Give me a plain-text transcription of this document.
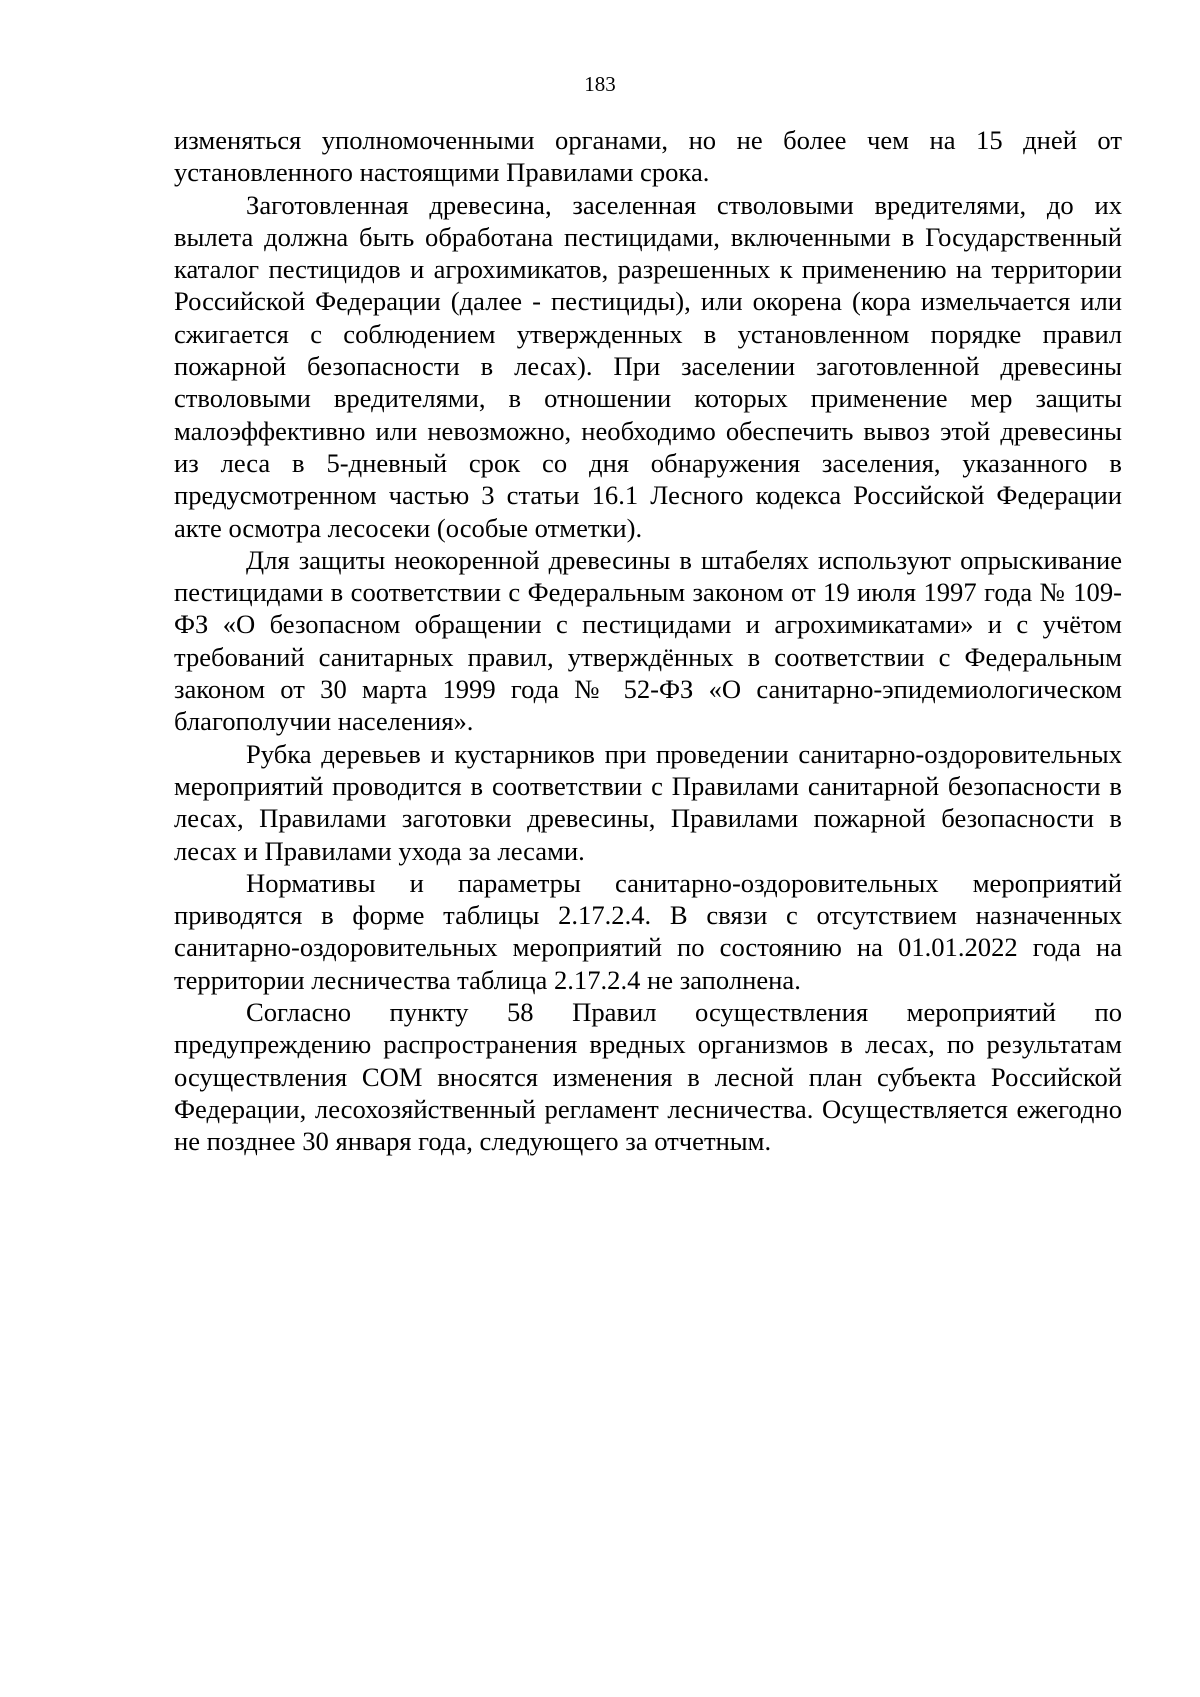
183

изменяться уполномоченными органами, но не более чем на 15 дней от установленного настоящими Правилами срока.

Заготовленная древесина, заселенная стволовыми вредителями, до их вылета должна быть обработана пестицидами, включенными в Государственный каталог пестицидов и агрохимикатов, разрешенных к применению на территории Российской Федерации (далее - пестициды), или окорена (кора измельчается или сжигается с соблюдением утвержденных в установленном порядке правил пожарной безопасности в лесах). При заселении заготовленной древесины стволовыми вредителями, в отношении которых применение мер защиты малоэффективно или невозможно, необходимо обеспечить вывоз этой древесины из леса в 5-дневный срок со дня обнаружения заселения, указанного в предусмотренном частью 3 статьи 16.1 Лесного кодекса Российской Федерации акте осмотра лесосеки (особые отметки).

Для защиты неокоренной древесины в штабелях используют опрыскивание пестицидами в соответствии с Федеральным законом от 19 июля 1997 года № 109-ФЗ «О безопасном обращении с пестицидами и агрохимикатами» и с учётом требований санитарных правил, утверждённых в соответствии с Федеральным законом от 30 марта 1999 года № 52-ФЗ «О санитарно-эпидемиологическом благополучии населения».

Рубка деревьев и кустарников при проведении санитарно-оздоровительных мероприятий проводится в соответствии с Правилами санитарной безопасности в лесах, Правилами заготовки древесины, Правилами пожарной безопасности в лесах и Правилами ухода за лесами.

Нормативы и параметры санитарно-оздоровительных мероприятий приводятся в форме таблицы 2.17.2.4. В связи с отсутствием назначенных санитарно-оздоровительных мероприятий по состоянию на 01.01.2022 года на территории лесничества таблица 2.17.2.4 не заполнена.

Согласно пункту 58 Правил осуществления мероприятий по предупреждению распространения вредных организмов в лесах, по результатам осуществления СОМ вносятся изменения в лесной план субъекта Российской Федерации, лесохозяйственный регламент лесничества. Осуществляется ежегодно не позднее 30 января года, следующего за отчетным.
